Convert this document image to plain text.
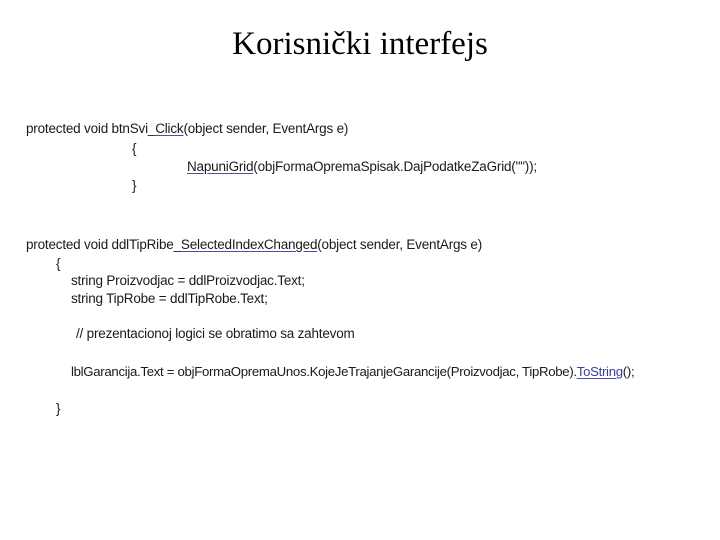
Korisnički interfejs
protected void btnSvi_Click(object sender, EventArgs e)
{
NapuniGrid(objFormaOpremaSpisak.DajPodatkeZaGrid(""));
}
protected void ddlTipRibe_SelectedIndexChanged(object sender, EventArgs e)
{
string Proizvodjac = ddlProizvodjac.Text;
string TipRobe = ddlTipRobe.Text;
// prezentacionoj logici se obratimo sa zahtevom
lblGarancija.Text = objFormaOpremaUnos.KojeJeTrajanjeGarancije(Proizvodjac, TipRobe).ToString();
}
